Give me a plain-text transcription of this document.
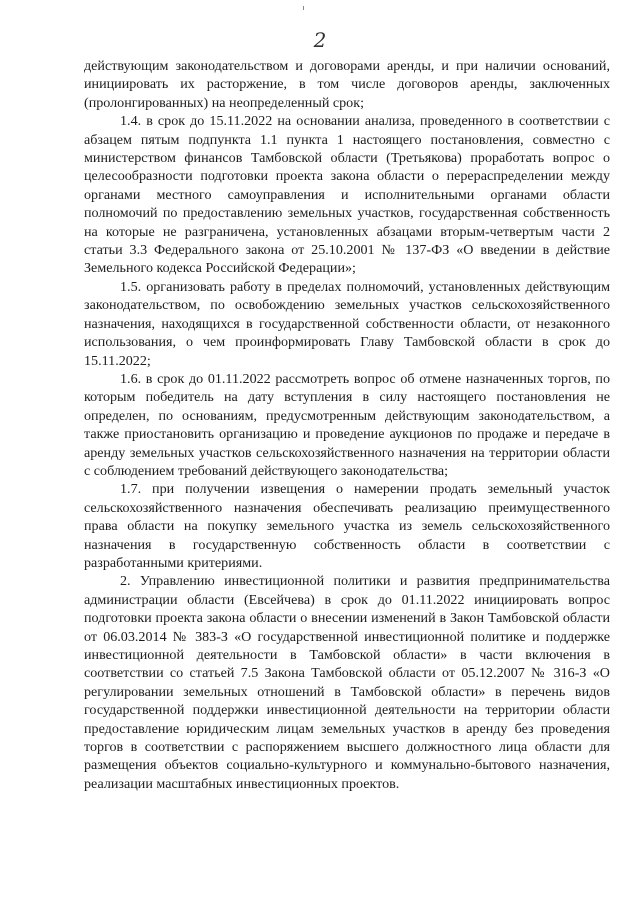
2

действующим законодательством и договорами аренды, и при наличии оснований, инициировать их расторжение, в том числе договоров аренды, заключенных (пролонгированных) на неопределенный срок;

1.4. в срок до 15.11.2022 на основании анализа, проведенного в соответствии с абзацем пятым подпункта 1.1 пункта 1 настоящего постановления, совместно с министерством финансов Тамбовской области (Третьякова) проработать вопрос о целесообразности подготовки проекта закона области о перераспределении между органами местного самоуправления и исполнительными органами области полномочий по предоставлению земельных участков, государственная собственность на которые не разграничена, установленных абзацами вторым-четвертым части 2 статьи 3.3 Федерального закона от 25.10.2001 № 137-ФЗ «О введении в действие Земельного кодекса Российской Федерации»;

1.5. организовать работу в пределах полномочий, установленных действующим законодательством, по освобождению земельных участков сельскохозяйственного назначения, находящихся в государственной собственности области, от незаконного использования, о чем проинформировать Главу Тамбовской области в срок до 15.11.2022;

1.6. в срок до 01.11.2022 рассмотреть вопрос об отмене назначенных торгов, по которым победитель на дату вступления в силу настоящего постановления не определен, по основаниям, предусмотренным действующим законодательством, а также приостановить организацию и проведение аукционов по продаже и передаче в аренду земельных участков сельскохозяйственного назначения на территории области с соблюдением требований действующего законодательства;

1.7. при получении извещения о намерении продать земельный участок сельскохозяйственного назначения обеспечивать реализацию преимущественного права области на покупку земельного участка из земель сельскохозяйственного назначения в государственную собственность области в соответствии с разработанными критериями.

2. Управлению инвестиционной политики и развития предпринимательства администрации области (Евсейчева) в срок до 01.11.2022 инициировать вопрос подготовки проекта закона области о внесении изменений в Закон Тамбовской области от 06.03.2014 № 383-З «О государственной инвестиционной политике и поддержке инвестиционной деятельности в Тамбовской области» в части включения в соответствии со статьей 7.5 Закона Тамбовской области от 05.12.2007 № 316-З «О регулировании земельных отношений в Тамбовской области» в перечень видов государственной поддержки инвестиционной деятельности на территории области предоставление юридическим лицам земельных участков в аренду без проведения торгов в соответствии с распоряжением высшего должностного лица области для размещения объектов социально-культурного и коммунально-бытового назначения, реализации масштабных инвестиционных проектов.
